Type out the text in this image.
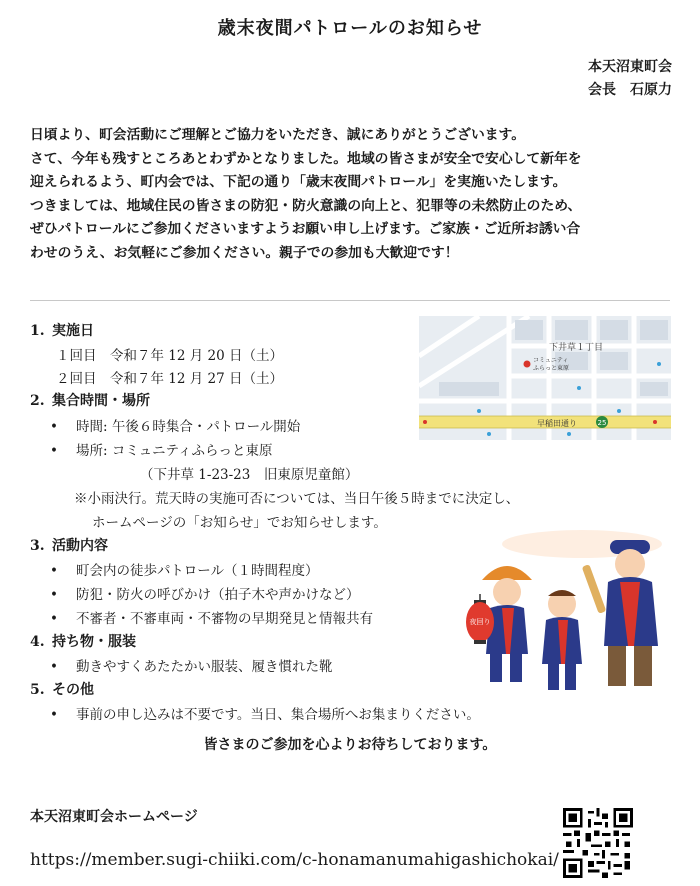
歳末夜間パトロールのお知らせ
本天沼東町会
会長　石原力

日頃より、町会活動にご理解とご協力をいただき、誠にありがとうございます。

さて、今年も残すところあとわずかとなりました。地域の皆さまが安全で安心して新年を

迎えられるよう、町内会では、下記の通り「歳末夜間パトロール」を実施いたします。

つきましては、地域住民の皆さまの防犯・防火意識の向上と、犯罪等の未然防止のため、

ぜひパトロールにご参加くださいますようお願い申し上げます。ご家族・ご近所お誘い合

わせのうえ、お気軽にご参加ください。親子での参加も大歓迎です！

1. 実施日
１回目　令和７年 12 月 20 日（土）
２回目　令和７年 12 月 27 日（土）
2. 集合時間・場所
• 時間: 午後６時集合・パトロール開始
• 場所: コミュニティふらっと東原
（下井草 1-23-23　旧東原児童館）
※小雨決行。荒天時の実施可否については、当日午後５時までに決定し、
ホームページの「お知らせ」でお知らせします。
3. 活動内容
• 町会内の徒歩パトロール（１時間程度）
• 防犯・防火の呼びかけ（拍子木や声かけなど）
• 不審者・不審車両・不審物の早期発見と情報共有
4. 持ち物・服装
• 動きやすくあたたかい服装、履き慣れた靴
5. その他
• 事前の申し込みは不要です。当日、集合場所へお集まりください。
皆さまのご参加を心よりお待ちしております。
本天沼東町会ホームページ
https://member.sugi-chiiki.com/c-honamanumahigashichokai/
早稲田通り	25
下井草１丁目
コミュニティ
ふらっと東原
夜回り
